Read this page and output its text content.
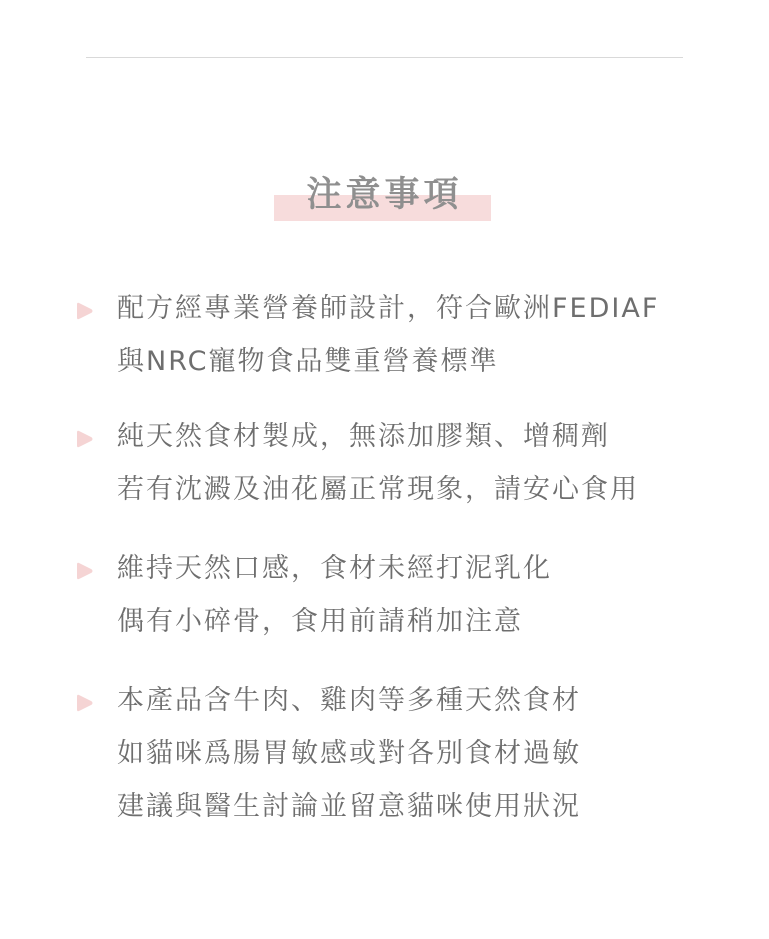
注意事項
配方經專業營養師設計，符合歐洲FEDIAF
與NRC寵物食品雙重營養標準
純天然食材製成，無添加膠類、增稠劑
若有沈澱及油花屬正常現象，請安心食用
維持天然口感，食材未經打泥乳化
偶有小碎骨，食用前請稍加注意
本產品含牛肉、雞肉等多種天然食材
如貓咪爲腸胃敏感或對各別食材過敏
建議與醫生討論並留意貓咪使用狀況
